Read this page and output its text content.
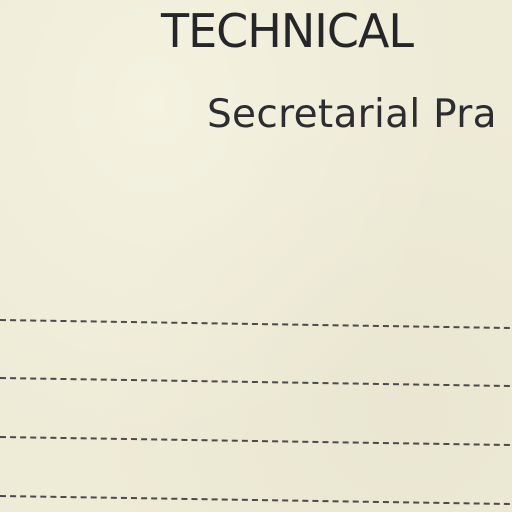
TECHNICAL
Secretarial Pra
